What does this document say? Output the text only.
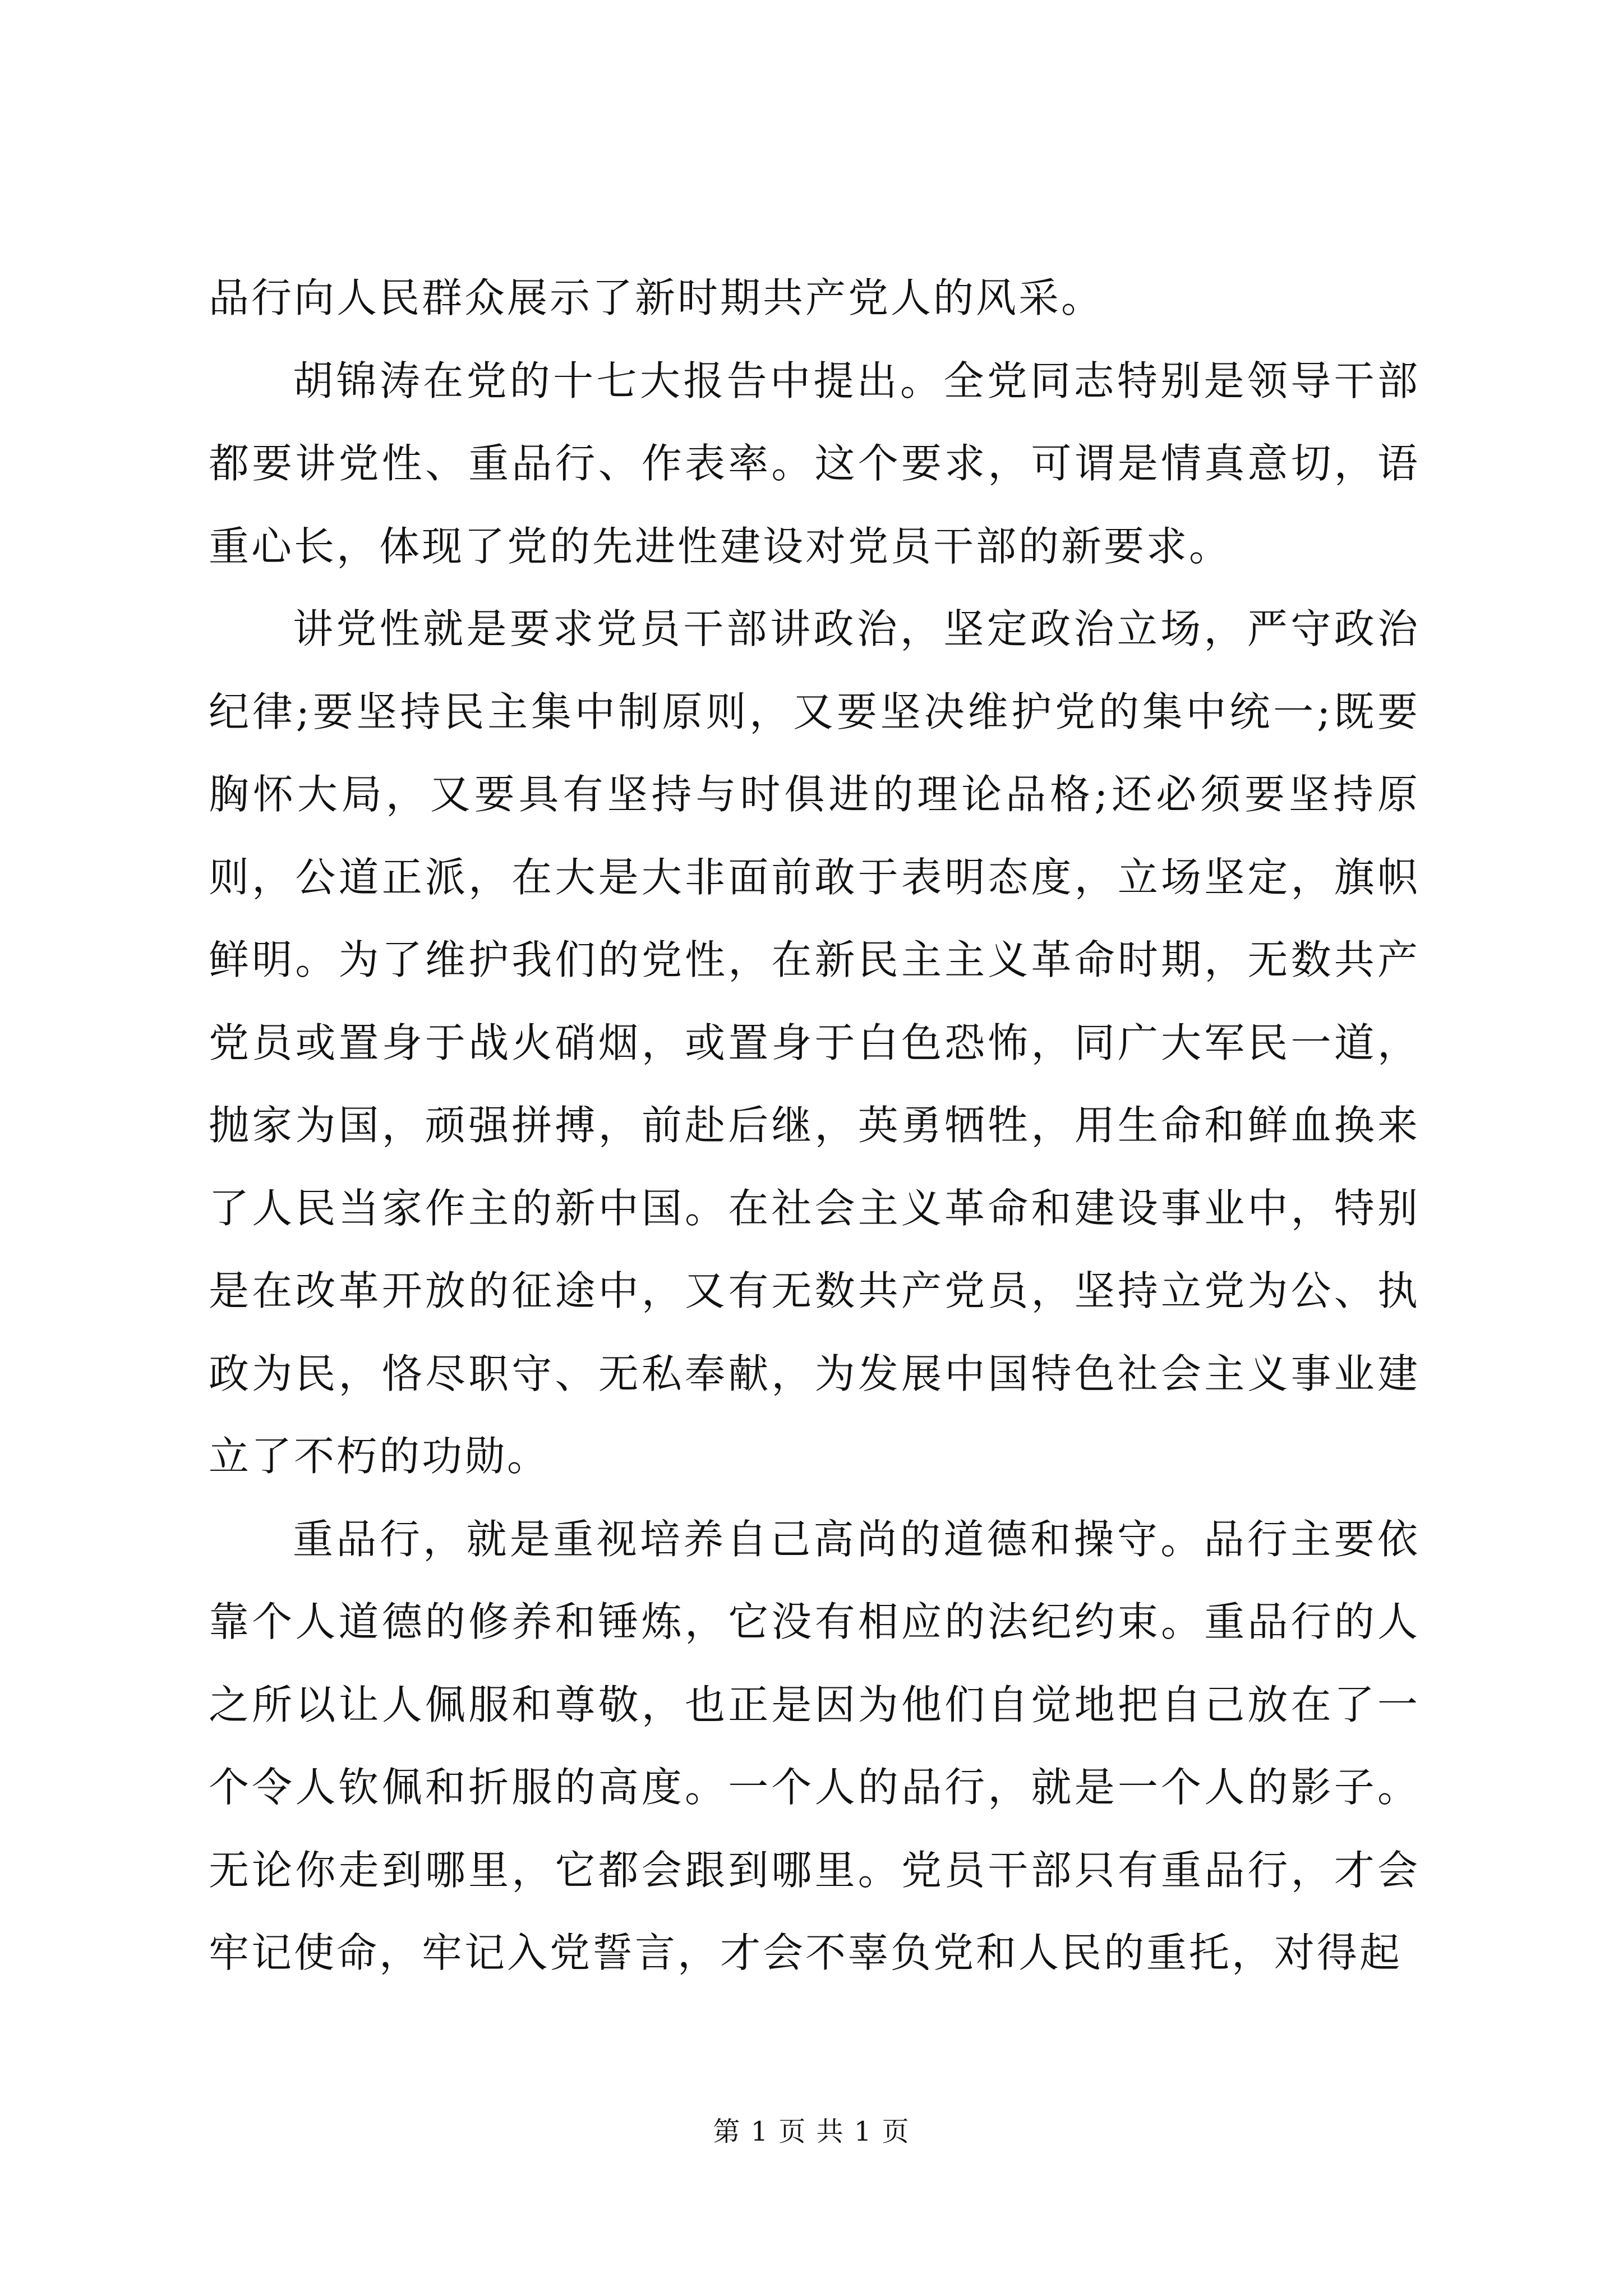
品行向人民群众展示了新时期共产党人的风采。

胡锦涛在党的十七大报告中提出。全党同志特别是领导干部都要讲党性、重品行、作表率。这个要求，可谓是情真意切，语重心长，体现了党的先进性建设对党员干部的新要求。

讲党性就是要求党员干部讲政治，坚定政治立场，严守政治纪律;要坚持民主集中制原则，又要坚决维护党的集中统一;既要胸怀大局，又要具有坚持与时俱进的理论品格;还必须要坚持原则，公道正派，在大是大非面前敢于表明态度，立场坚定，旗帜鲜明。为了维护我们的党性，在新民主主义革命时期，无数共产党员或置身于战火硝烟，或置身于白色恐怖，同广大军民一道，抛家为国，顽强拼搏，前赴后继，英勇牺牲，用生命和鲜血换来了人民当家作主的新中国。在社会主义革命和建设事业中，特别是在改革开放的征途中，又有无数共产党员，坚持立党为公、执政为民，恪尽职守、无私奉献，为发展中国特色社会主义事业建立了不朽的功勋。

重品行，就是重视培养自己高尚的道德和操守。品行主要依靠个人道德的修养和锤炼，它没有相应的法纪约束。重品行的人之所以让人佩服和尊敬，也正是因为他们自觉地把自己放在了一个令人钦佩和折服的高度。一个人的品行，就是一个人的影子。无论你走到哪里，它都会跟到哪里。党员干部只有重品行，才会牢记使命，牢记入党誓言，才会不辜负党和人民的重托，对得起

第 1 页 共 1 页
